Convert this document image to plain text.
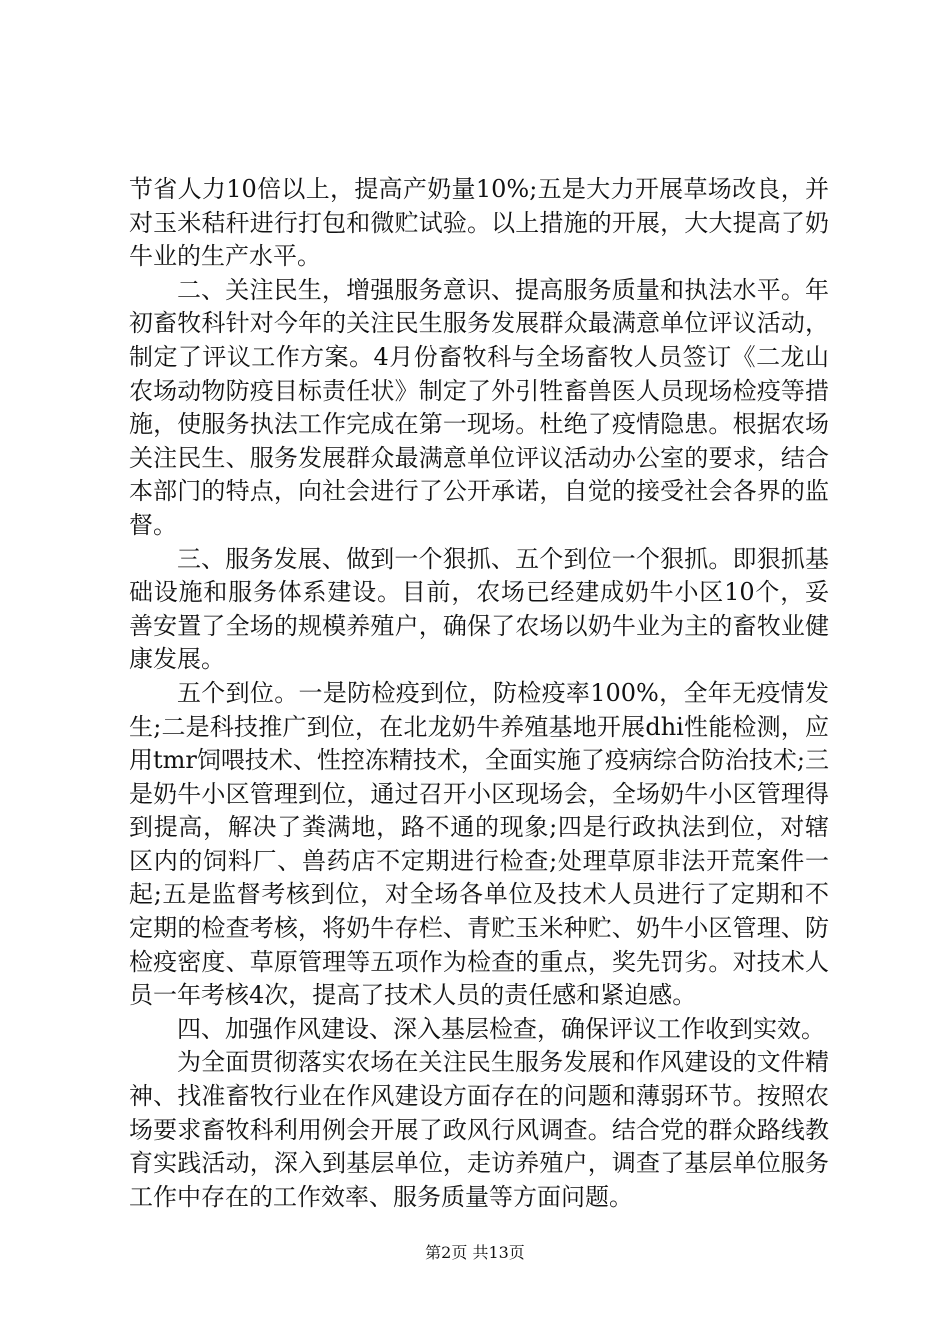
节省人力10倍以上，提高产奶量10%;五是大力开展草场改良，并对玉米秸秆进行打包和微贮试验。以上措施的开展，大大提高了奶牛业的生产水平。

二、关注民生，增强服务意识、提高服务质量和执法水平。年初畜牧科针对今年的关注民生服务发展群众最满意单位评议活动，制定了评议工作方案。4月份畜牧科与全场畜牧人员签订《二龙山农场动物防疫目标责任状》制定了外引牲畜兽医人员现场检疫等措施，使服务执法工作完成在第一现场。杜绝了疫情隐患。根据农场关注民生、服务发展群众最满意单位评议活动办公室的要求，结合本部门的特点，向社会进行了公开承诺，自觉的接受社会各界的监督。

三、服务发展、做到一个狠抓、五个到位一个狠抓。即狠抓基础设施和服务体系建设。目前，农场已经建成奶牛小区10个，妥善安置了全场的规模养殖户，确保了农场以奶牛业为主的畜牧业健康发展。

五个到位。一是防检疫到位，防检疫率100%，全年无疫情发生;二是科技推广到位，在北龙奶牛养殖基地开展dhi性能检测，应用tmr饲喂技术、性控冻精技术，全面实施了疫病综合防治技术;三是奶牛小区管理到位，通过召开小区现场会，全场奶牛小区管理得到提高，解决了粪满地，路不通的现象;四是行政执法到位，对辖区内的饲料厂、兽药店不定期进行检查;处理草原非法开荒案件一起;五是监督考核到位，对全场各单位及技术人员进行了定期和不定期的检查考核，将奶牛存栏、青贮玉米种贮、奶牛小区管理、防检疫密度、草原管理等五项作为检查的重点，奖先罚劣。对技术人员一年考核4次，提高了技术人员的责任感和紧迫感。

四、加强作风建设、深入基层检查，确保评议工作收到实效。

为全面贯彻落实农场在关注民生服务发展和作风建设的文件精神、找准畜牧行业在作风建设方面存在的问题和薄弱环节。按照农场要求畜牧科利用例会开展了政风行风调查。结合党的群众路线教育实践活动，深入到基层单位，走访养殖户，调查了基层单位服务工作中存在的工作效率、服务质量等方面问题。

第2页 共13页
